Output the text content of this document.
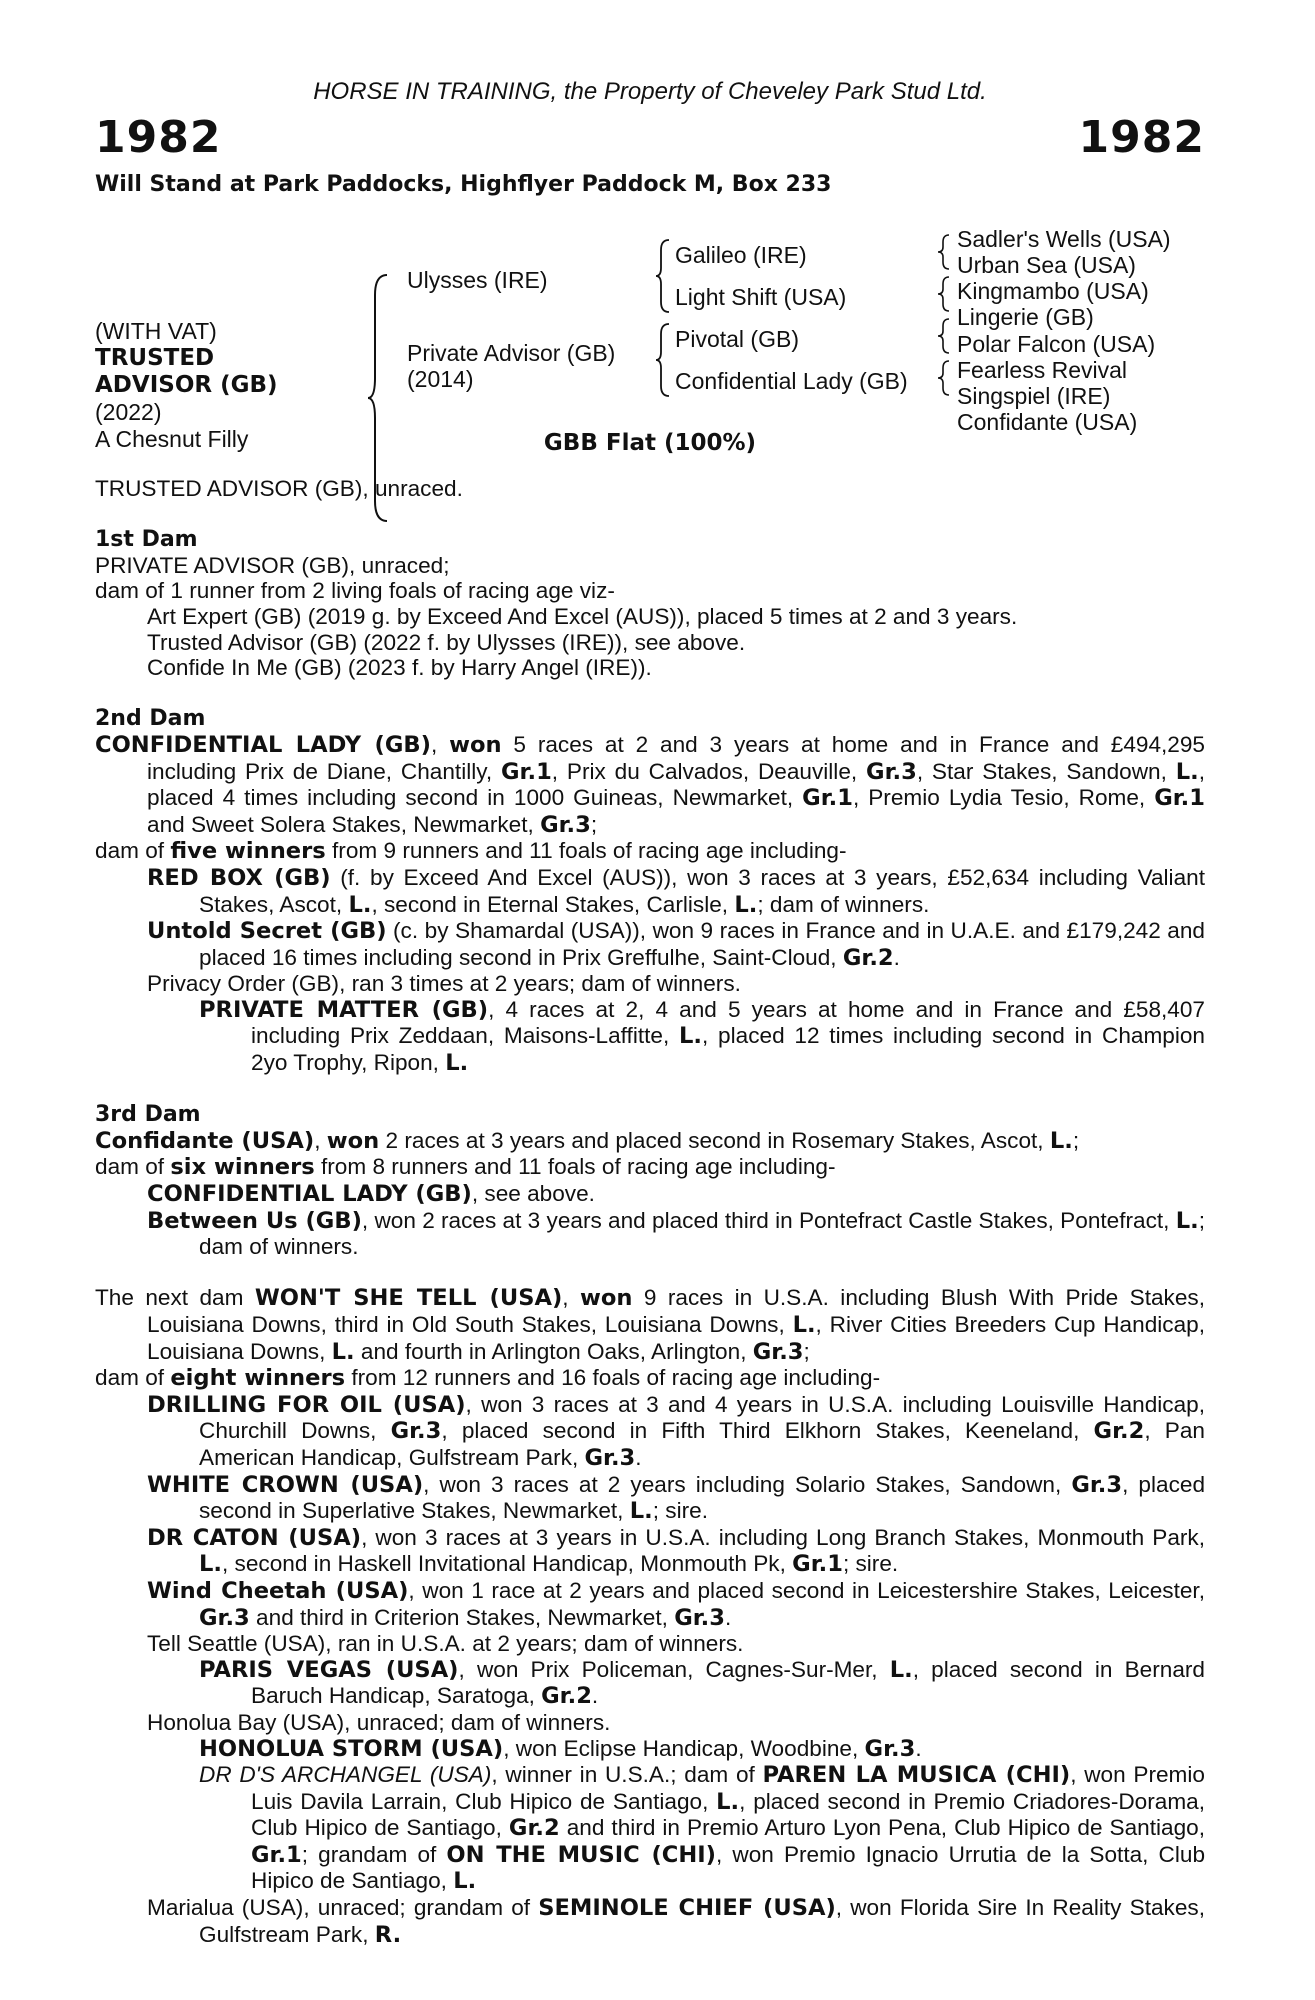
HORSE IN TRAINING, the Property of Cheveley Park Stud Ltd.
1982	1982
Will Stand at Park Paddocks, Highflyer Paddock M, Box 233
(WITH VAT)
TRUSTED
ADVISOR (GB)
(2022)
A Chesnut Filly
Ulysses (IRE)
Private Advisor (GB)
(2014)
Galileo (IRE)
Light Shift (USA)
Pivotal (GB)
Confidential Lady (GB)
Sadler's Wells (USA)
Urban Sea (USA)
Kingmambo (USA)
Lingerie (GB)
Polar Falcon (USA)
Fearless Revival
Singspiel (IRE)
Confidante (USA)
GBB Flat (100%)

TRUSTED ADVISOR (GB), unraced.

1st Dam

PRIVATE ADVISOR (GB), unraced;

dam of 1 runner from 2 living foals of racing age viz-

Art Expert (GB) (2019 g. by Exceed And Excel (AUS)), placed 5 times at 2 and 3 years.

Trusted Advisor (GB) (2022 f. by Ulysses (IRE)), see above.

Confide In Me (GB) (2023 f. by Harry Angel (IRE)).

2nd Dam

CONFIDENTIAL LADY (GB), won 5 races at 2 and 3 years at home and in France and £494,295 including Prix de Diane, Chantilly, Gr.1, Prix du Calvados, Deauville, Gr.3, Star Stakes, Sandown, L., placed 4 times including second in 1000 Guineas, Newmarket, Gr.1, Premio Lydia Tesio, Rome, Gr.1 and Sweet Solera Stakes, Newmarket, Gr.3;

dam of five winners from 9 runners and 11 foals of racing age including-

RED BOX (GB) (f. by Exceed And Excel (AUS)), won 3 races at 3 years, £52,634 including Valiant Stakes, Ascot, L., second in Eternal Stakes, Carlisle, L.; dam of winners.

Untold Secret (GB) (c. by Shamardal (USA)), won 9 races in France and in U.A.E. and £179,242 and placed 16 times including second in Prix Greffulhe, Saint-Cloud, Gr.2.

Privacy Order (GB), ran 3 times at 2 years; dam of winners.

PRIVATE MATTER (GB), 4 races at 2, 4 and 5 years at home and in France and £58,407 including Prix Zeddaan, Maisons-Laffitte, L., placed 12 times including second in Champion 2yo Trophy, Ripon, L.

3rd Dam

Confidante (USA), won 2 races at 3 years and placed second in Rosemary Stakes, Ascot, L.;

dam of six winners from 8 runners and 11 foals of racing age including-

CONFIDENTIAL LADY (GB), see above.

Between Us (GB), won 2 races at 3 years and placed third in Pontefract Castle Stakes, Pontefract, L.; dam of winners.

The next dam WON'T SHE TELL (USA), won 9 races in U.S.A. including Blush With Pride Stakes, Louisiana Downs, third in Old South Stakes, Louisiana Downs, L., River Cities Breeders Cup Handicap, Louisiana Downs, L. and fourth in Arlington Oaks, Arlington, Gr.3;

dam of eight winners from 12 runners and 16 foals of racing age including-

DRILLING FOR OIL (USA), won 3 races at 3 and 4 years in U.S.A. including Louisville Handicap, Churchill Downs, Gr.3, placed second in Fifth Third Elkhorn Stakes, Keeneland, Gr.2, Pan American Handicap, Gulfstream Park, Gr.3.

WHITE CROWN (USA), won 3 races at 2 years including Solario Stakes, Sandown, Gr.3, placed second in Superlative Stakes, Newmarket, L.; sire.

DR CATON (USA), won 3 races at 3 years in U.S.A. including Long Branch Stakes, Monmouth Park, L., second in Haskell Invitational Handicap, Monmouth Pk, Gr.1; sire.

Wind Cheetah (USA), won 1 race at 2 years and placed second in Leicestershire Stakes, Leicester, Gr.3 and third in Criterion Stakes, Newmarket, Gr.3.

Tell Seattle (USA), ran in U.S.A. at 2 years; dam of winners.

PARIS VEGAS (USA), won Prix Policeman, Cagnes-Sur-Mer, L., placed second in Bernard Baruch Handicap, Saratoga, Gr.2.

Honolua Bay (USA), unraced; dam of winners.

HONOLUA STORM (USA), won Eclipse Handicap, Woodbine, Gr.3.

DR D'S ARCHANGEL (USA), winner in U.S.A.; dam of PAREN LA MUSICA (CHI), won Premio Luis Davila Larrain, Club Hipico de Santiago, L., placed second in Premio Criadores-Dorama, Club Hipico de Santiago, Gr.2 and third in Premio Arturo Lyon Pena, Club Hipico de Santiago, Gr.1; grandam of ON THE MUSIC (CHI), won Premio Ignacio Urrutia de la Sotta, Club Hipico de Santiago, L.

Marialua (USA), unraced; grandam of SEMINOLE CHIEF (USA), won Florida Sire In Reality Stakes, Gulfstream Park, R.
